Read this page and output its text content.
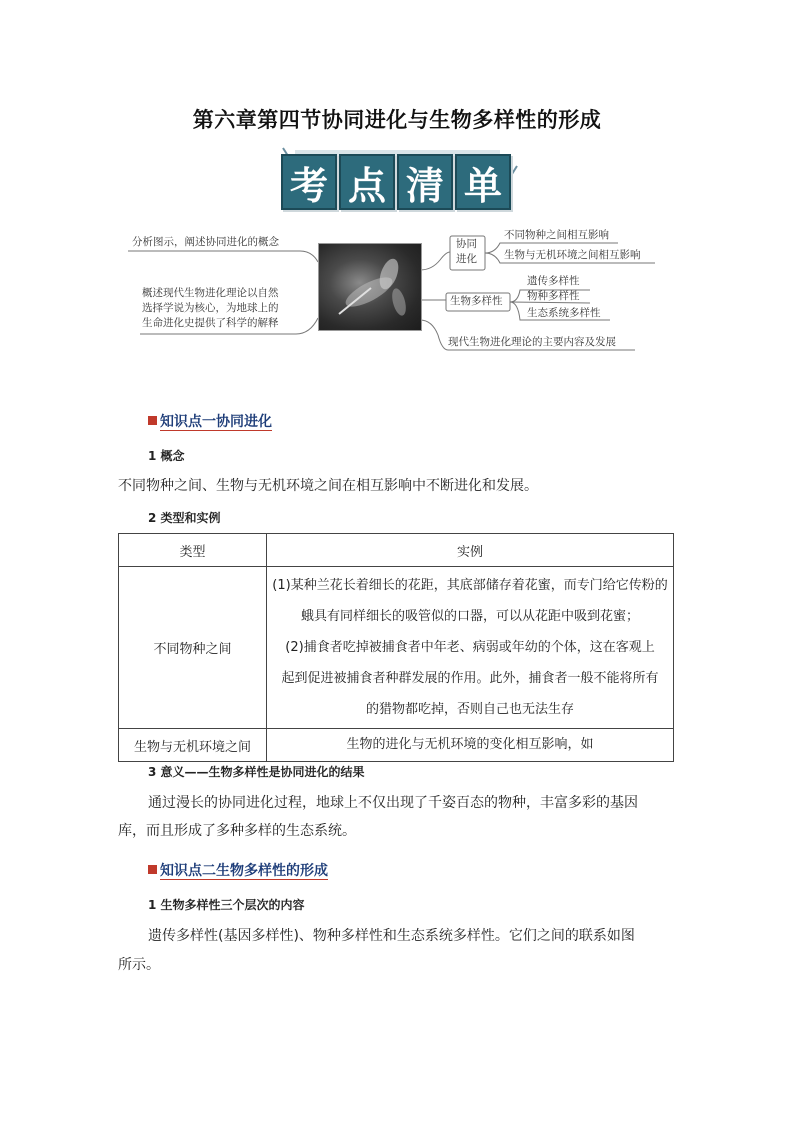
第六章第四节协同进化与生物多样性的形成
考 点 清 单
分析图示，阐述协同进化的概念
概述现代生物进化理论以自然
选择学说为核心，为地球上的
生命进化史提供了科学的解释
协同
进化
不同物种之间相互影响
生物与无机环境之间相互影响
生物多样性
遗传多样性
物种多样性
生态系统多样性
现代生物进化理论的主要内容及发展
知识点一协同进化
1 概念
不同物种之间、生物与无机环境之间在相互影响中不断进化和发展。
2 类型和实例
类型	实例
不同物种之间	(1)某种兰花长着细长的花距，其底部储存着花蜜，而专门给它传粉的
蛾具有同样细长的吸管似的口器，可以从花距中吸到花蜜；
(2)捕食者吃掉被捕食者中年老、病弱或年幼的个体，这在客观上
起到促进被捕食者种群发展的作用。此外，捕食者一般不能将所有
的猎物都吃掉，否则自己也无法生存

生物与无机环境之间	生物的进化与无机环境的变化相互影响，如
3 意义——生物多样性是协同进化的结果
通过漫长的协同进化过程，地球上不仅出现了千姿百态的物种，丰富多彩的基因
库，而且形成了多种多样的生态系统。
知识点二生物多样性的形成
1 生物多样性三个层次的内容
遗传多样性(基因多样性)、物种多样性和生态系统多样性。它们之间的联系如图
所示。
